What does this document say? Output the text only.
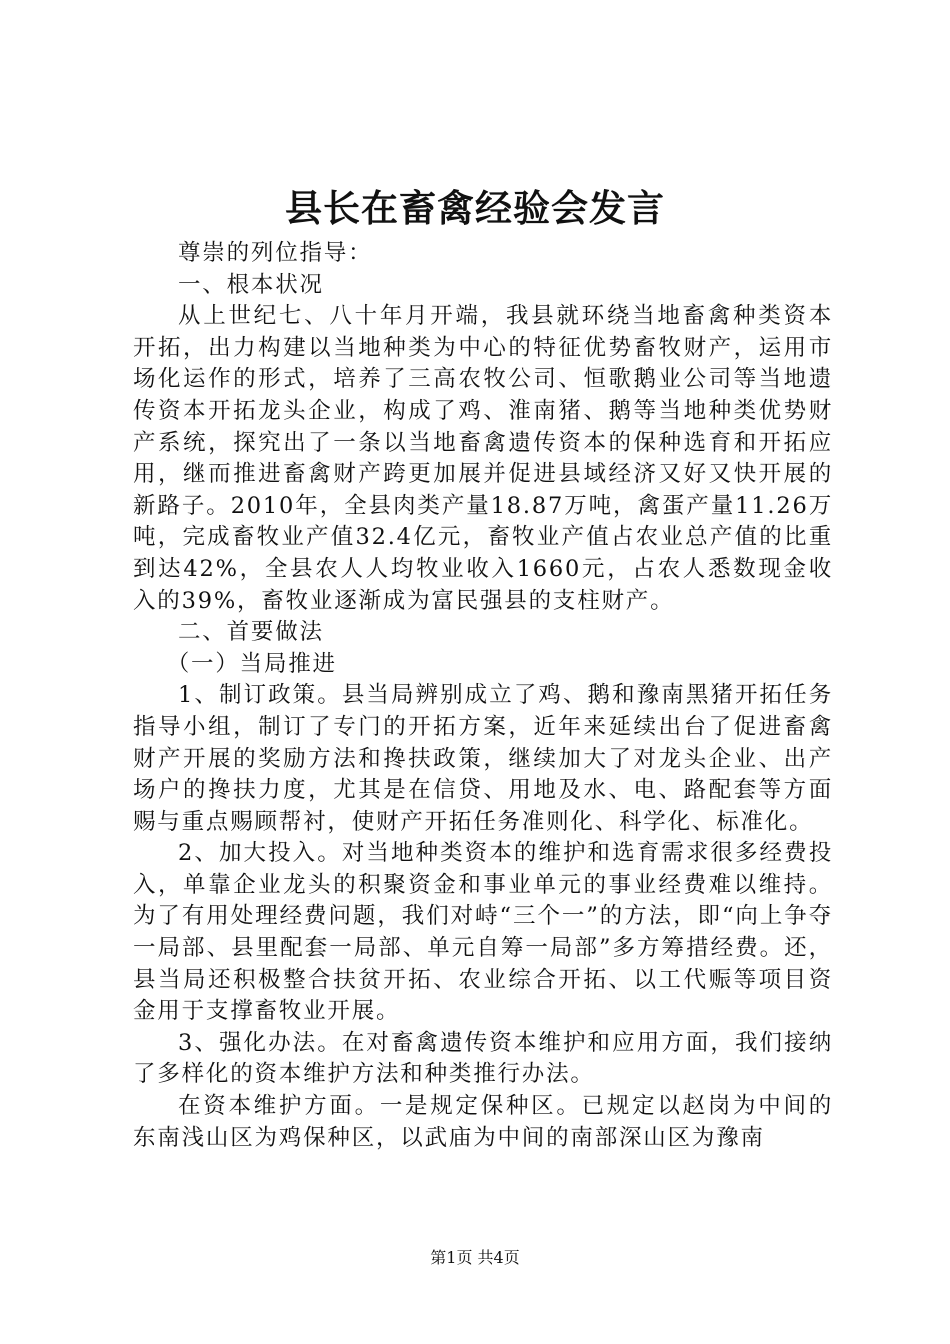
县长在畜禽经验会发言

尊崇的列位指导：

一、根本状况

从上世纪七、八十年月开端，我县就环绕当地畜禽种类资本开拓，出力构建以当地种类为中心的特征优势畜牧财产，运用市场化运作的形式，培养了三高农牧公司、恒歌鹅业公司等当地遗传资本开拓龙头企业，构成了鸡、淮南猪、鹅等当地种类优势财产系统，探究出了一条以当地畜禽遗传资本的保种选育和开拓应用，继而推进畜禽财产跨更加展并促进县域经济又好又快开展的新路子。2010年，全县肉类产量18.87万吨，禽蛋产量11.26万吨，完成畜牧业产值32.4亿元，畜牧业产值占农业总产值的比重到达42%，全县农人人均牧业收入1660元，占农人悉数现金收入的39%，畜牧业逐渐成为富民强县的支柱财产。

二、首要做法

（一）当局推进

1、制订政策。县当局辨别成立了鸡、鹅和豫南黑猪开拓任务指导小组，制订了专门的开拓方案，近年来延续出台了促进畜禽财产开展的奖励方法和搀扶政策，继续加大了对龙头企业、出产场户的搀扶力度，尤其是在信贷、用地及水、电、路配套等方面赐与重点赐顾帮衬，使财产开拓任务准则化、科学化、标准化。

2、加大投入。对当地种类资本的维护和选育需求很多经费投入，单靠企业龙头的积聚资金和事业单元的事业经费难以维持。为了有用处理经费问题，我们对峙“三个一”的方法，即“向上争夺一局部、县里配套一局部、单元自筹一局部”多方筹措经费。还，县当局还积极整合扶贫开拓、农业综合开拓、以工代赈等项目资金用于支撑畜牧业开展。

3、强化办法。在对畜禽遗传资本维护和应用方面，我们接纳了多样化的资本维护方法和种类推行办法。

在资本维护方面。一是规定保种区。已规定以赵岗为中间的东南浅山区为鸡保种区，以武庙为中间的南部深山区为豫南

第1页 共4页
